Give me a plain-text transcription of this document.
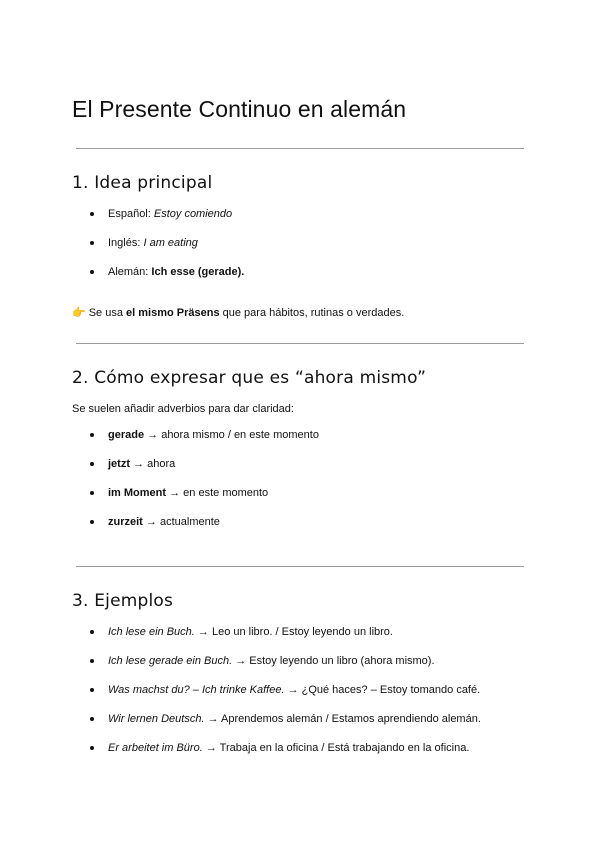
El Presente Continuo en alemán
1. Idea principal
Español: Estoy comiendo
Inglés: I am eating
Alemán: Ich esse (gerade).
👉 Se usa el mismo Präsens que para hábitos, rutinas o verdades.
2. Cómo expresar que es “ahora mismo”
Se suelen añadir adverbios para dar claridad:
gerade → ahora mismo / en este momento
jetzt → ahora
im Moment → en este momento
zurzeit → actualmente
3. Ejemplos
Ich lese ein Buch. → Leo un libro. / Estoy leyendo un libro.
Ich lese gerade ein Buch. → Estoy leyendo un libro (ahora mismo).
Was machst du? – Ich trinke Kaffee. → ¿Qué haces? – Estoy tomando café.
Wir lernen Deutsch. → Aprendemos alemán / Estamos aprendiendo alemán.
Er arbeitet im Büro. → Trabaja en la oficina / Está trabajando en la oficina.
